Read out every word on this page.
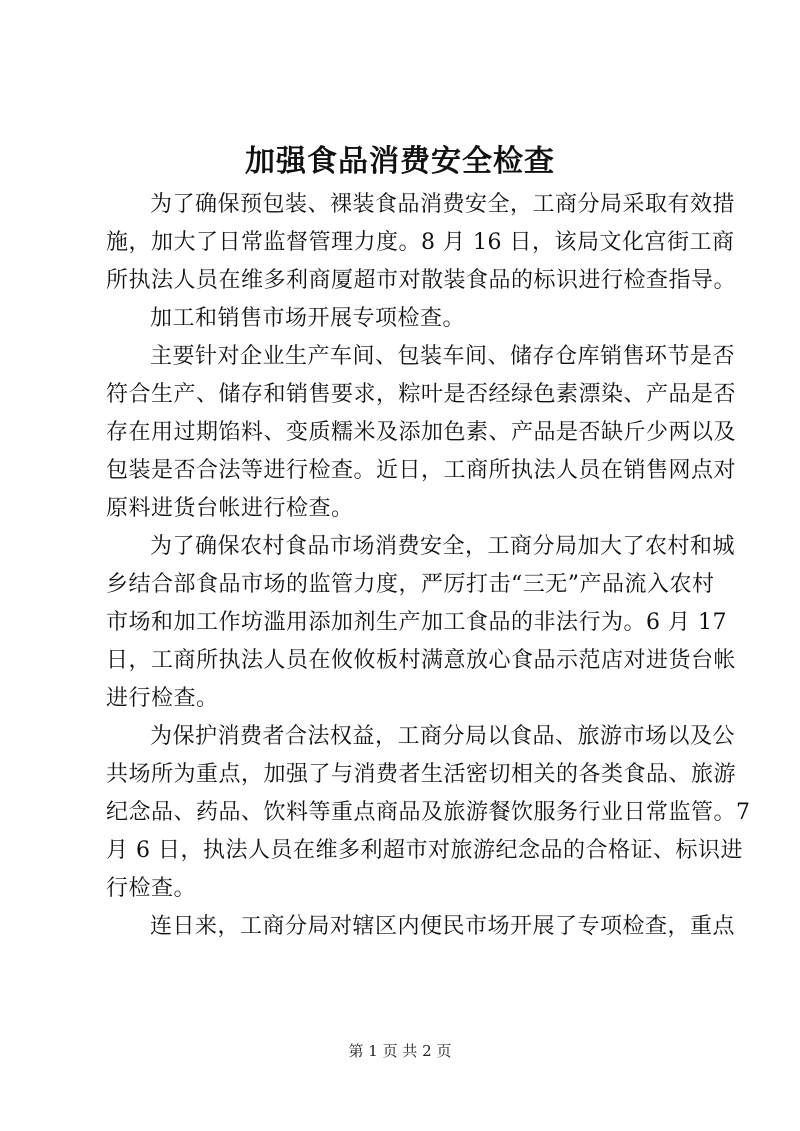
加强食品消费安全检查

为了确保预包装、裸装食品消费安全，工商分局采取有效措
施，加大了日常监督管理力度。8 月 16 日，该局文化宫街工商
所执法人员在维多利商厦超市对散装食品的标识进行检查指导。

加工和销售市场开展专项检查。

主要针对企业生产车间、包装车间、储存仓库销售环节是否
符合生产、储存和销售要求，粽叶是否经绿色素漂染、产品是否
存在用过期馅料、变质糯米及添加色素、产品是否缺斤少两以及
包装是否合法等进行检查。近日，工商所执法人员在销售网点对
原料进货台帐进行检查。

为了确保农村食品市场消费安全，工商分局加大了农村和城
乡结合部食品市场的监管力度，严厉打击“三无”产品流入农村
市场和加工作坊滥用添加剂生产加工食品的非法行为。6 月 17
日，工商所执法人员在攸攸板村满意放心食品示范店对进货台帐
进行检查。

为保护消费者合法权益，工商分局以食品、旅游市场以及公
共场所为重点，加强了与消费者生活密切相关的各类食品、旅游
纪念品、药品、饮料等重点商品及旅游餐饮服务行业日常监管。7
月 6 日，执法人员在维多利超市对旅游纪念品的合格证、标识进
行检查。

连日来，工商分局对辖区内便民市场开展了专项检查，重点

第 1 页 共 2 页
